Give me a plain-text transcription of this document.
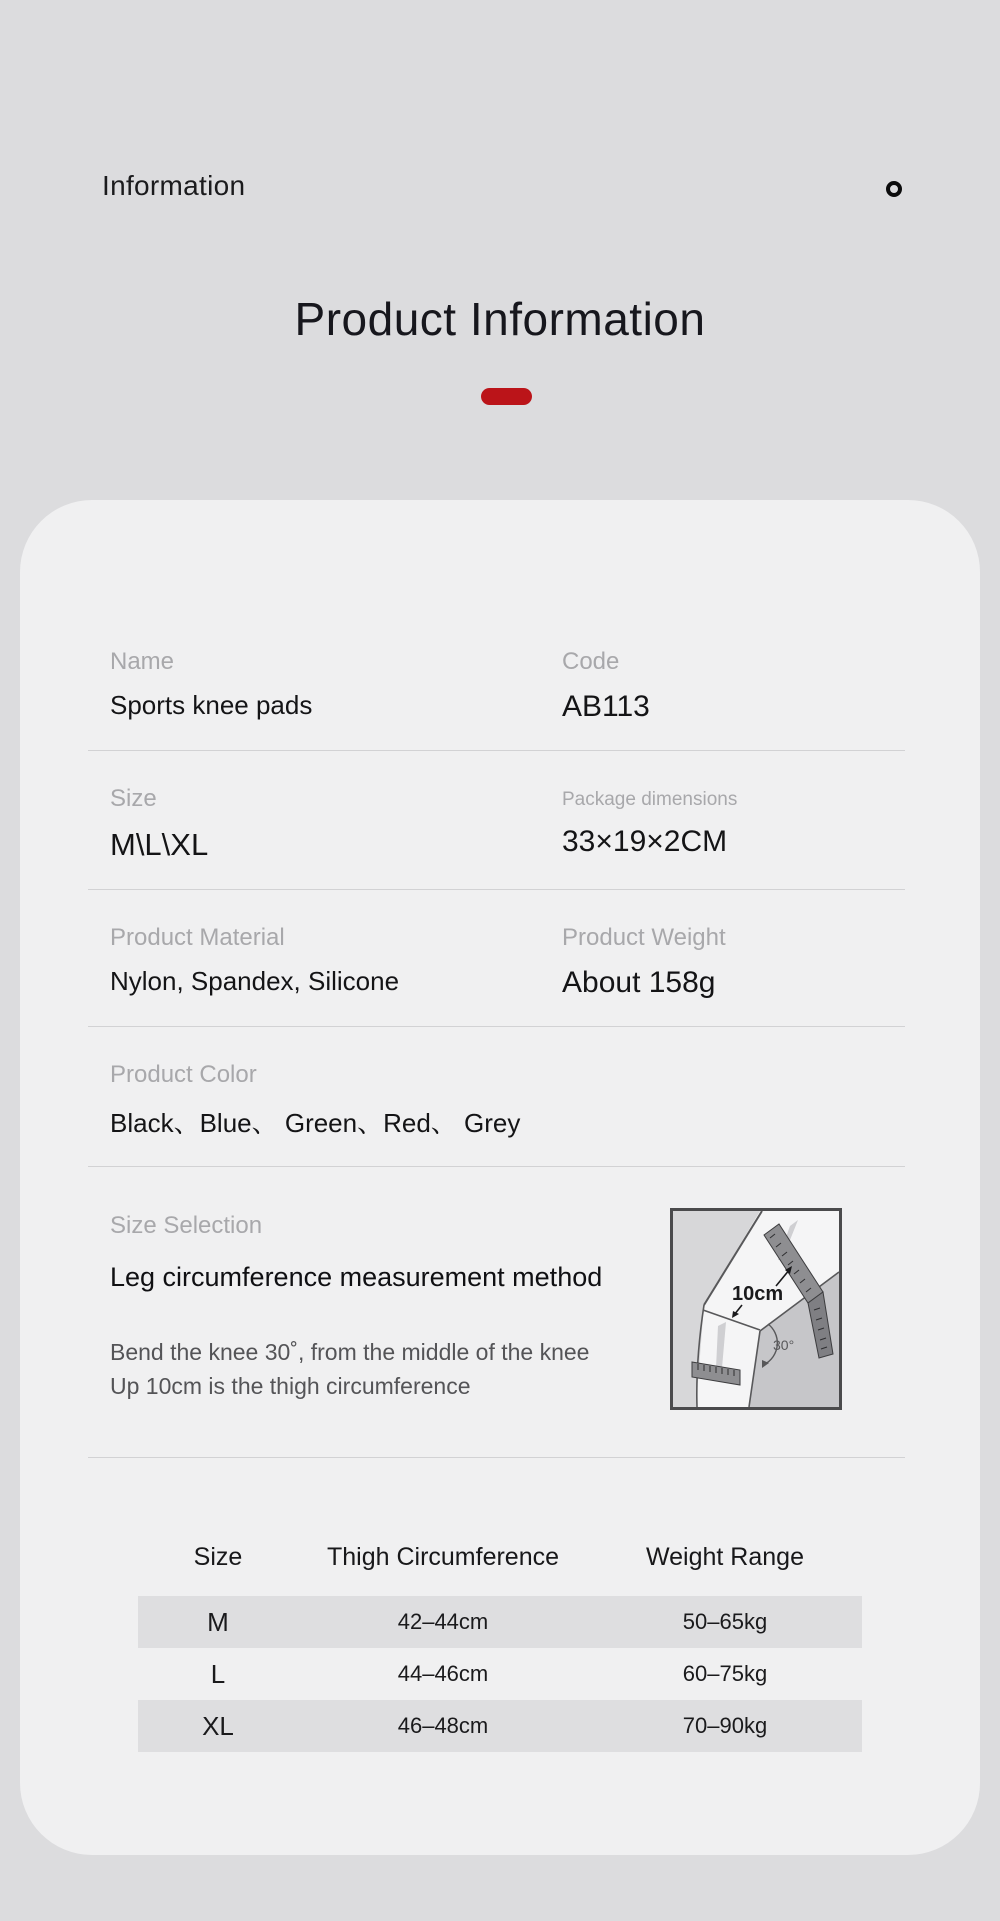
Information
Product Information
Name
Sports knee pads
Code
AB113
Size
M\L\XL
Package dimensions
33×19×2CM
Product Material
Nylon, Spandex, Silicone
Product Weight
About 158g
Product Color
Black、Blue、 Green、Red、 Grey
Size Selection
Leg circumference measurement method
Bend the knee 30˚, from the middle of the knee
Up 10cm is the thigh circumference
10cm
30°
Size	Thigh Circumference	Weight Range
M	42–44cm	50–65kg
L	44–46cm	60–75kg
XL	46–48cm	70–90kg
